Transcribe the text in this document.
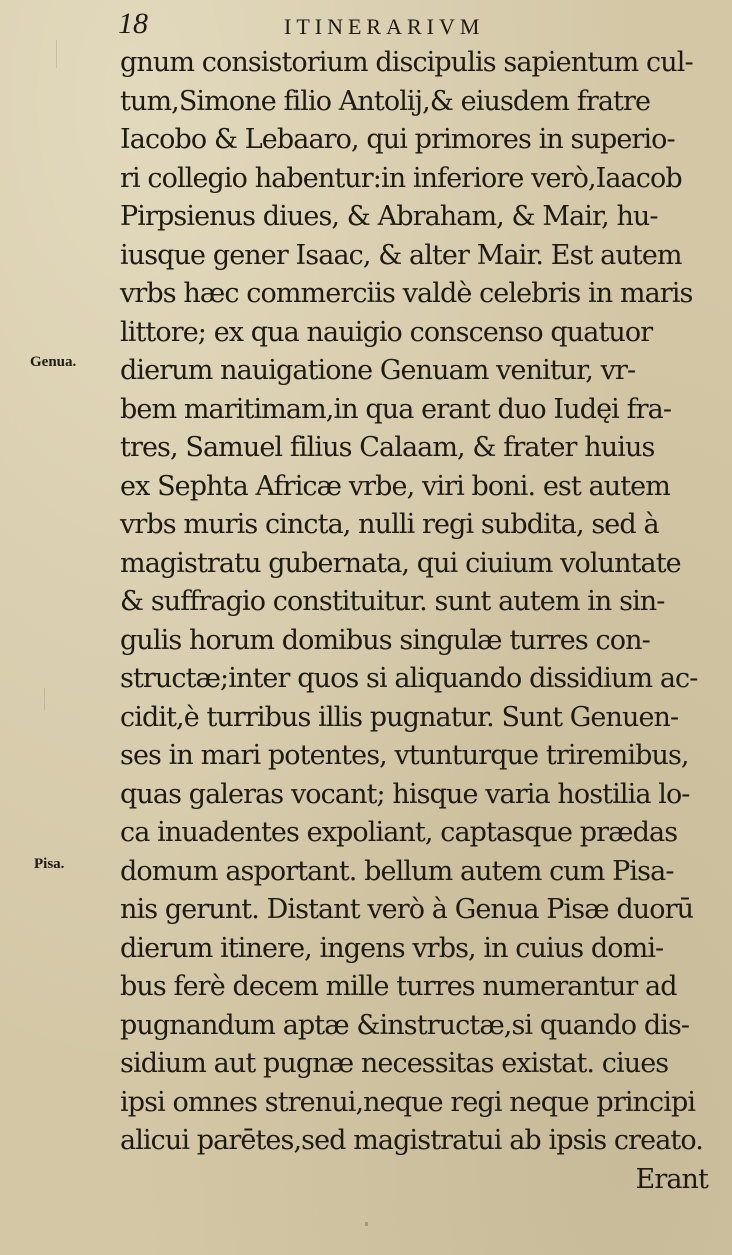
18	ITINERARIVM
Genua.
Pisa.
gnum consistorium discipulis sapientum cul-
tum,Simone filio Antolij,& eiusdem fratre
Iacobo & Lebaaro, qui primores in superio-
ri collegio habentur:in inferiore verò,Iaacob
Pirpsienus diues, & Abraham, & Mair, hu-
iusque gener Isaac, & alter Mair. Est autem
vrbs hæc commerciis valdè celebris in maris
littore; ex qua nauigio conscenso quatuor
dierum nauigatione Genuam venitur, vr-
bem maritimam,in qua erant duo Iudęi fra-
tres, Samuel filius Calaam, & frater huius
ex Sephta Africæ vrbe, viri boni. est autem
vrbs muris cincta, nulli regi subdita, sed à
magistratu gubernata, qui ciuium voluntate
& suffragio constituitur. sunt autem in sin-
gulis horum domibus singulæ turres con-
structæ;inter quos si aliquando dissidium ac-
cidit,è turribus illis pugnatur. Sunt Genuen-
ses in mari potentes, vtunturque triremibus,
quas galeras vocant; hisque varia hostilia lo-
ca inuadentes expoliant, captasque prædas
domum asportant. bellum autem cum Pisa-
nis gerunt. Distant verò à Genua Pisæ duorū
dierum itinere, ingens vrbs, in cuius domi-
bus ferè decem mille turres numerantur ad
pugnandum aptæ &instructæ,si quando dis-
sidium aut pugnæ necessitas existat. ciues
ipsi omnes strenui,neque regi neque principi
alicui parētes,sed magistratui ab ipsis creato.
Erant
